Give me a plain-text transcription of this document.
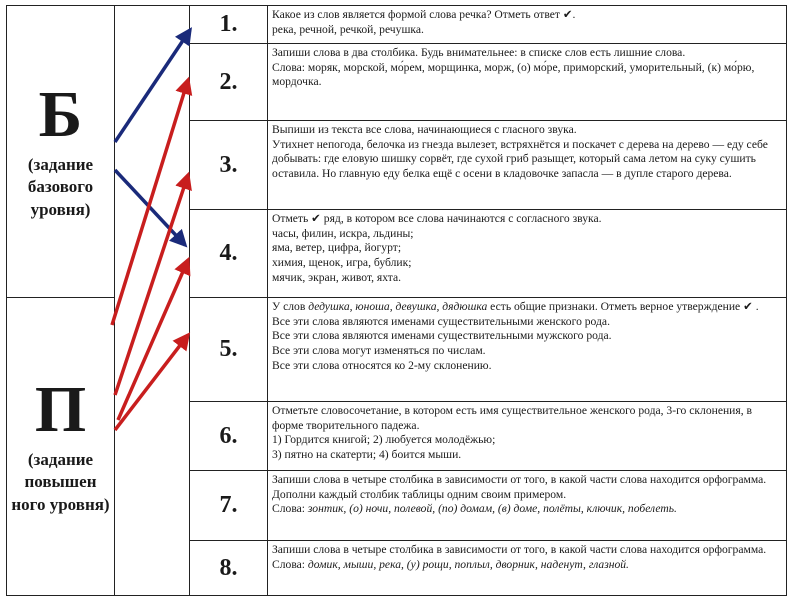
Б
(задание базового уровня)		1.	Какое из слов является формой слова речка? Отметь ответ ✔.
река, речной, речкой, речушка.

		2.	Запиши слова в два столбика. Будь внимательнее: в списке слов есть лишние слова.
Слова: моряк, морской, мо́рем, морщинка, морж, (о) мо́ре, приморский, уморительный, (к) мо́рю, мордочка.

		3.	Выпиши из текста все слова, начинающиеся с гласного звука.
Утихнет непогода, белочка из гнезда вылезет, встряхнётся и поскачет с дерева на дерево — еду себе добывать: где еловую шишку сорвёт, где сухой гриб разыщет, который сама летом на суку сушить оставила. Но главную еду белка ещё с осени в кладовочке запасла — в дупле старого дерева.

		4.	Отметь ✔ ряд, в котором все слова начинаются с согласного звука.
часы, филин, искра, льдины;
яма, ветер, цифра, йогурт;
химия, щенок, игра, бублик;
мячик, экран, живот, яхта.

П
(задание повышен ного уровня)		5.	У слов дедушка, юноша, девушка, дядюшка есть общие признаки. Отметь верное утверждение ✔ .
Все эти слова являются именами существительными женского рода.
Все эти слова являются именами существительными мужского рода.
Все эти слова могут изменяться по числам.
Все эти слова относятся ко 2-му склонению.

		6.	Отметьте словосочетание, в котором есть имя существительное женского рода, 3-го склонения, в форме творительного падежа.
1) Гордится книгой; 2) любуется молодёжью;
3) пятно на скатерти; 4) боится мыши.

		7.	Запиши слова в четыре столбика в зависимости от того, в какой части слова находится орфограмма. Дополни каждый столбик таблицы одним своим примером.
Слова: зонтик, (о) ночи, полевой, (по) домам, (в) доме, полёты, ключик, побелеть.

		8.	Запиши слова в четыре столбика в зависимости от того, в какой части слова находится орфограмма.
Слова: домик, мыши, река, (у) рощи, поплыл, дворник, наденут, глазной.
